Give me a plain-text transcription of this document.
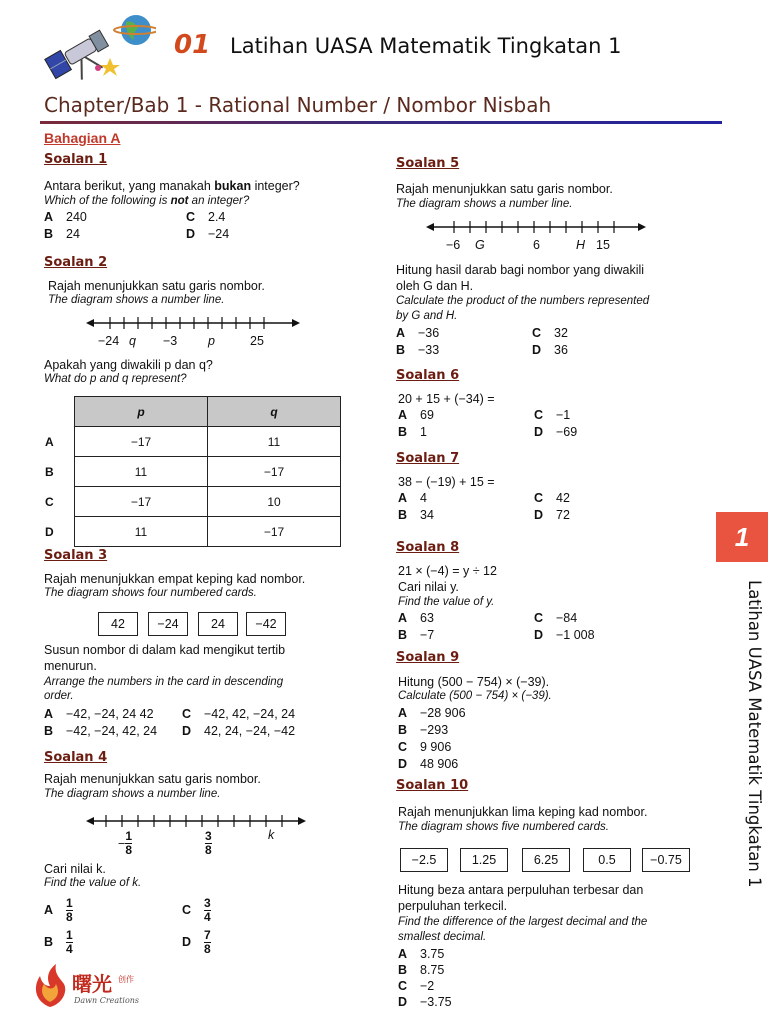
01 Latihan UASA Matematik Tingkatan 1
Chapter/Bab 1 - Rational Number / Nombor Nisbah
Bahagian A
Soalan 1
Antara berikut, yang manakah bukan integer?
Which of the following is not an integer?
A 240
B 24
C 2.4
D −24
Soalan 2
Rajah menunjukkan satu garis nombor.
The diagram shows a number line.
−24 q −3 p	25
Apakah yang diwakili p dan q?
What do p and q represent?
	p	q
A	−17	11
B	11	−17
C	−17	10
D	11	−17
Soalan 3
Rajah menunjukkan empat keping kad nombor.
The diagram shows four numbered cards.
42	−24	24	−42
Susun nombor di dalam kad mengikut tertib
menurun.
Arrange the numbers in the card in descending
order.
A −42, −24, 24 42
B −42, −24, 42, 24
C −42, 42, −24, 24
D 42, 24, −24, −42
Soalan 4
Rajah menunjukkan satu garis nombor.
The diagram shows a number line.
− $\frac{1}{8}$	$\frac{3}{8}$	k
Cari nilai k.
Find the value of k.
A $\frac{1}{8}$
B $\frac{1}{4}$
C $\frac{3}{4}$
D $\frac{7}{8}$
Soalan 5
Rajah menunjukkan satu garis nombor.
The diagram shows a number line.
−6 G	6	H 15
Hitung hasil darab bagi nombor yang diwakili
oleh G dan H.
Calculate the product of the numbers represented
by G and H.
A −36
B −33
C 32
D 36
Soalan 6
20 + 15 + (−34) =
A 69
B 1
C −1
D −69
Soalan 7
38 − (−19) + 15 =
A 4
B 34
C 42
D 72
Soalan 8
21 × (−4) = y ÷ 12
Cari nilai y.
Find the value of y.
A 63
B −7
C −84
D −1 008
Soalan 9
Hitung (500 − 754) × (−39).
Calculate (500 − 754) × (−39).
A −28 906
B −293
C 9 906
D 48 906
Soalan 10
Rajah menunjukkan lima keping kad nombor.
The diagram shows five numbered cards.
−2.5	1.25	6.25	0.5	−0.75
Hitung beza antara perpuluhan terbesar dan
perpuluhan terkecil.
Find the difference of the largest decimal and the
smallest decimal.
A 3.75
B 8.75
C −2
D −3.75
1
Latihan UASA Matematik Tingkatan 1
曙光 创作
Dawn Creations
